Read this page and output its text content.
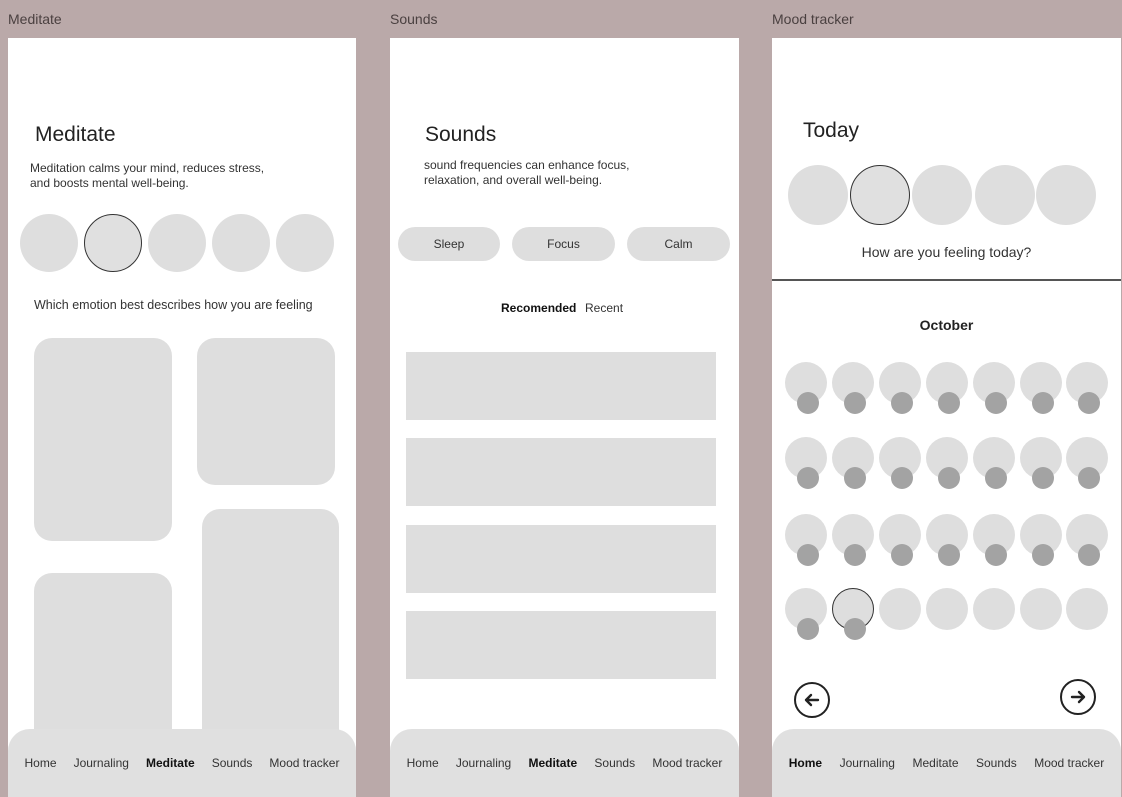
Meditate	Sounds	Mood tracker
Meditate
Meditation calms your mind, reduces stress, and boosts mental well-being.
Which emotion best describes how you are feeling
Home Journaling Meditate Sounds Mood tracker
Sounds
sound frequencies can enhance focus, relaxation, and overall well-being.
Sleep	Focus	Calm
Recomended Recent
Home Journaling Meditate Sounds Mood tracker
Today
How are you feeling today?
October
Home Journaling Meditate Sounds Mood tracker
